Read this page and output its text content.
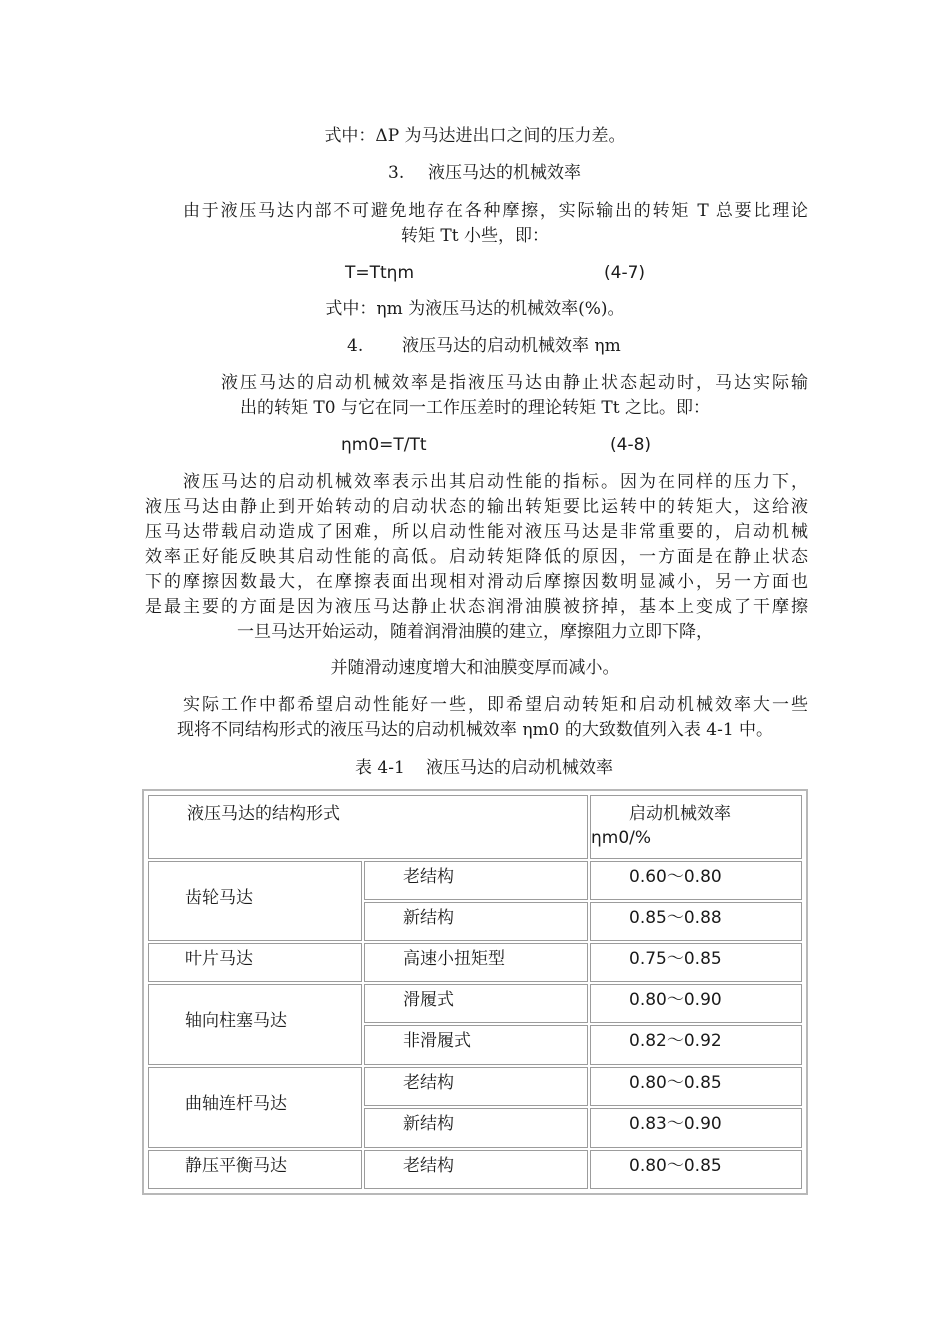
式中：ΔP 为马达进出口之间的压力差。
3. 液压马达的机械效率
由于液压马达内部不可避免地存在各种摩擦，实际输出的转矩 T 总要比理论
转矩 Tt 小些，即：
T=Ttηm	(4-7)
式中：ηm 为液压马达的机械效率(%)。
4. 液压马达的启动机械效率 ηm
液压马达的启动机械效率是指液压马达由静止状态起动时，马达实际输
出的转矩 T0 与它在同一工作压差时的理论转矩 Tt 之比。即：
ηm0=T/Tt	(4-8)
液压马达的启动机械效率表示出其启动性能的指标。因为在同样的压力下，
液压马达由静止到开始转动的启动状态的输出转矩要比运转中的转矩大，这给液
压马达带载启动造成了困难，所以启动性能对液压马达是非常重要的，启动机械
效率正好能反映其启动性能的高低。启动转矩降低的原因，一方面是在静止状态
下的摩擦因数最大，在摩擦表面出现相对滑动后摩擦因数明显减小，另一方面也
是最主要的方面是因为液压马达静止状态润滑油膜被挤掉，基本上变成了干摩擦
一旦马达开始运动，随着润滑油膜的建立，摩擦阻力立即下降，
并随滑动速度增大和油膜变厚而减小。
实际工作中都希望启动性能好一些，即希望启动转矩和启动机械效率大一些
现将不同结构形式的液压马达的启动机械效率 ηm0 的大致数值列入表 4-1 中。
表 4-1 液压马达的启动机械效率
液压马达的结构形式	启动机械效率
ηm0/%
齿轮马达
老结构	0.60～0.80
新结构	0.85～0.88
叶片马达	高速小扭矩型	0.75～0.85
轴向柱塞马达
滑履式	0.80～0.90
非滑履式	0.82～0.92
曲轴连杆马达
老结构	0.80～0.85
新结构	0.83～0.90
静压平衡马达	老结构	0.80～0.85
